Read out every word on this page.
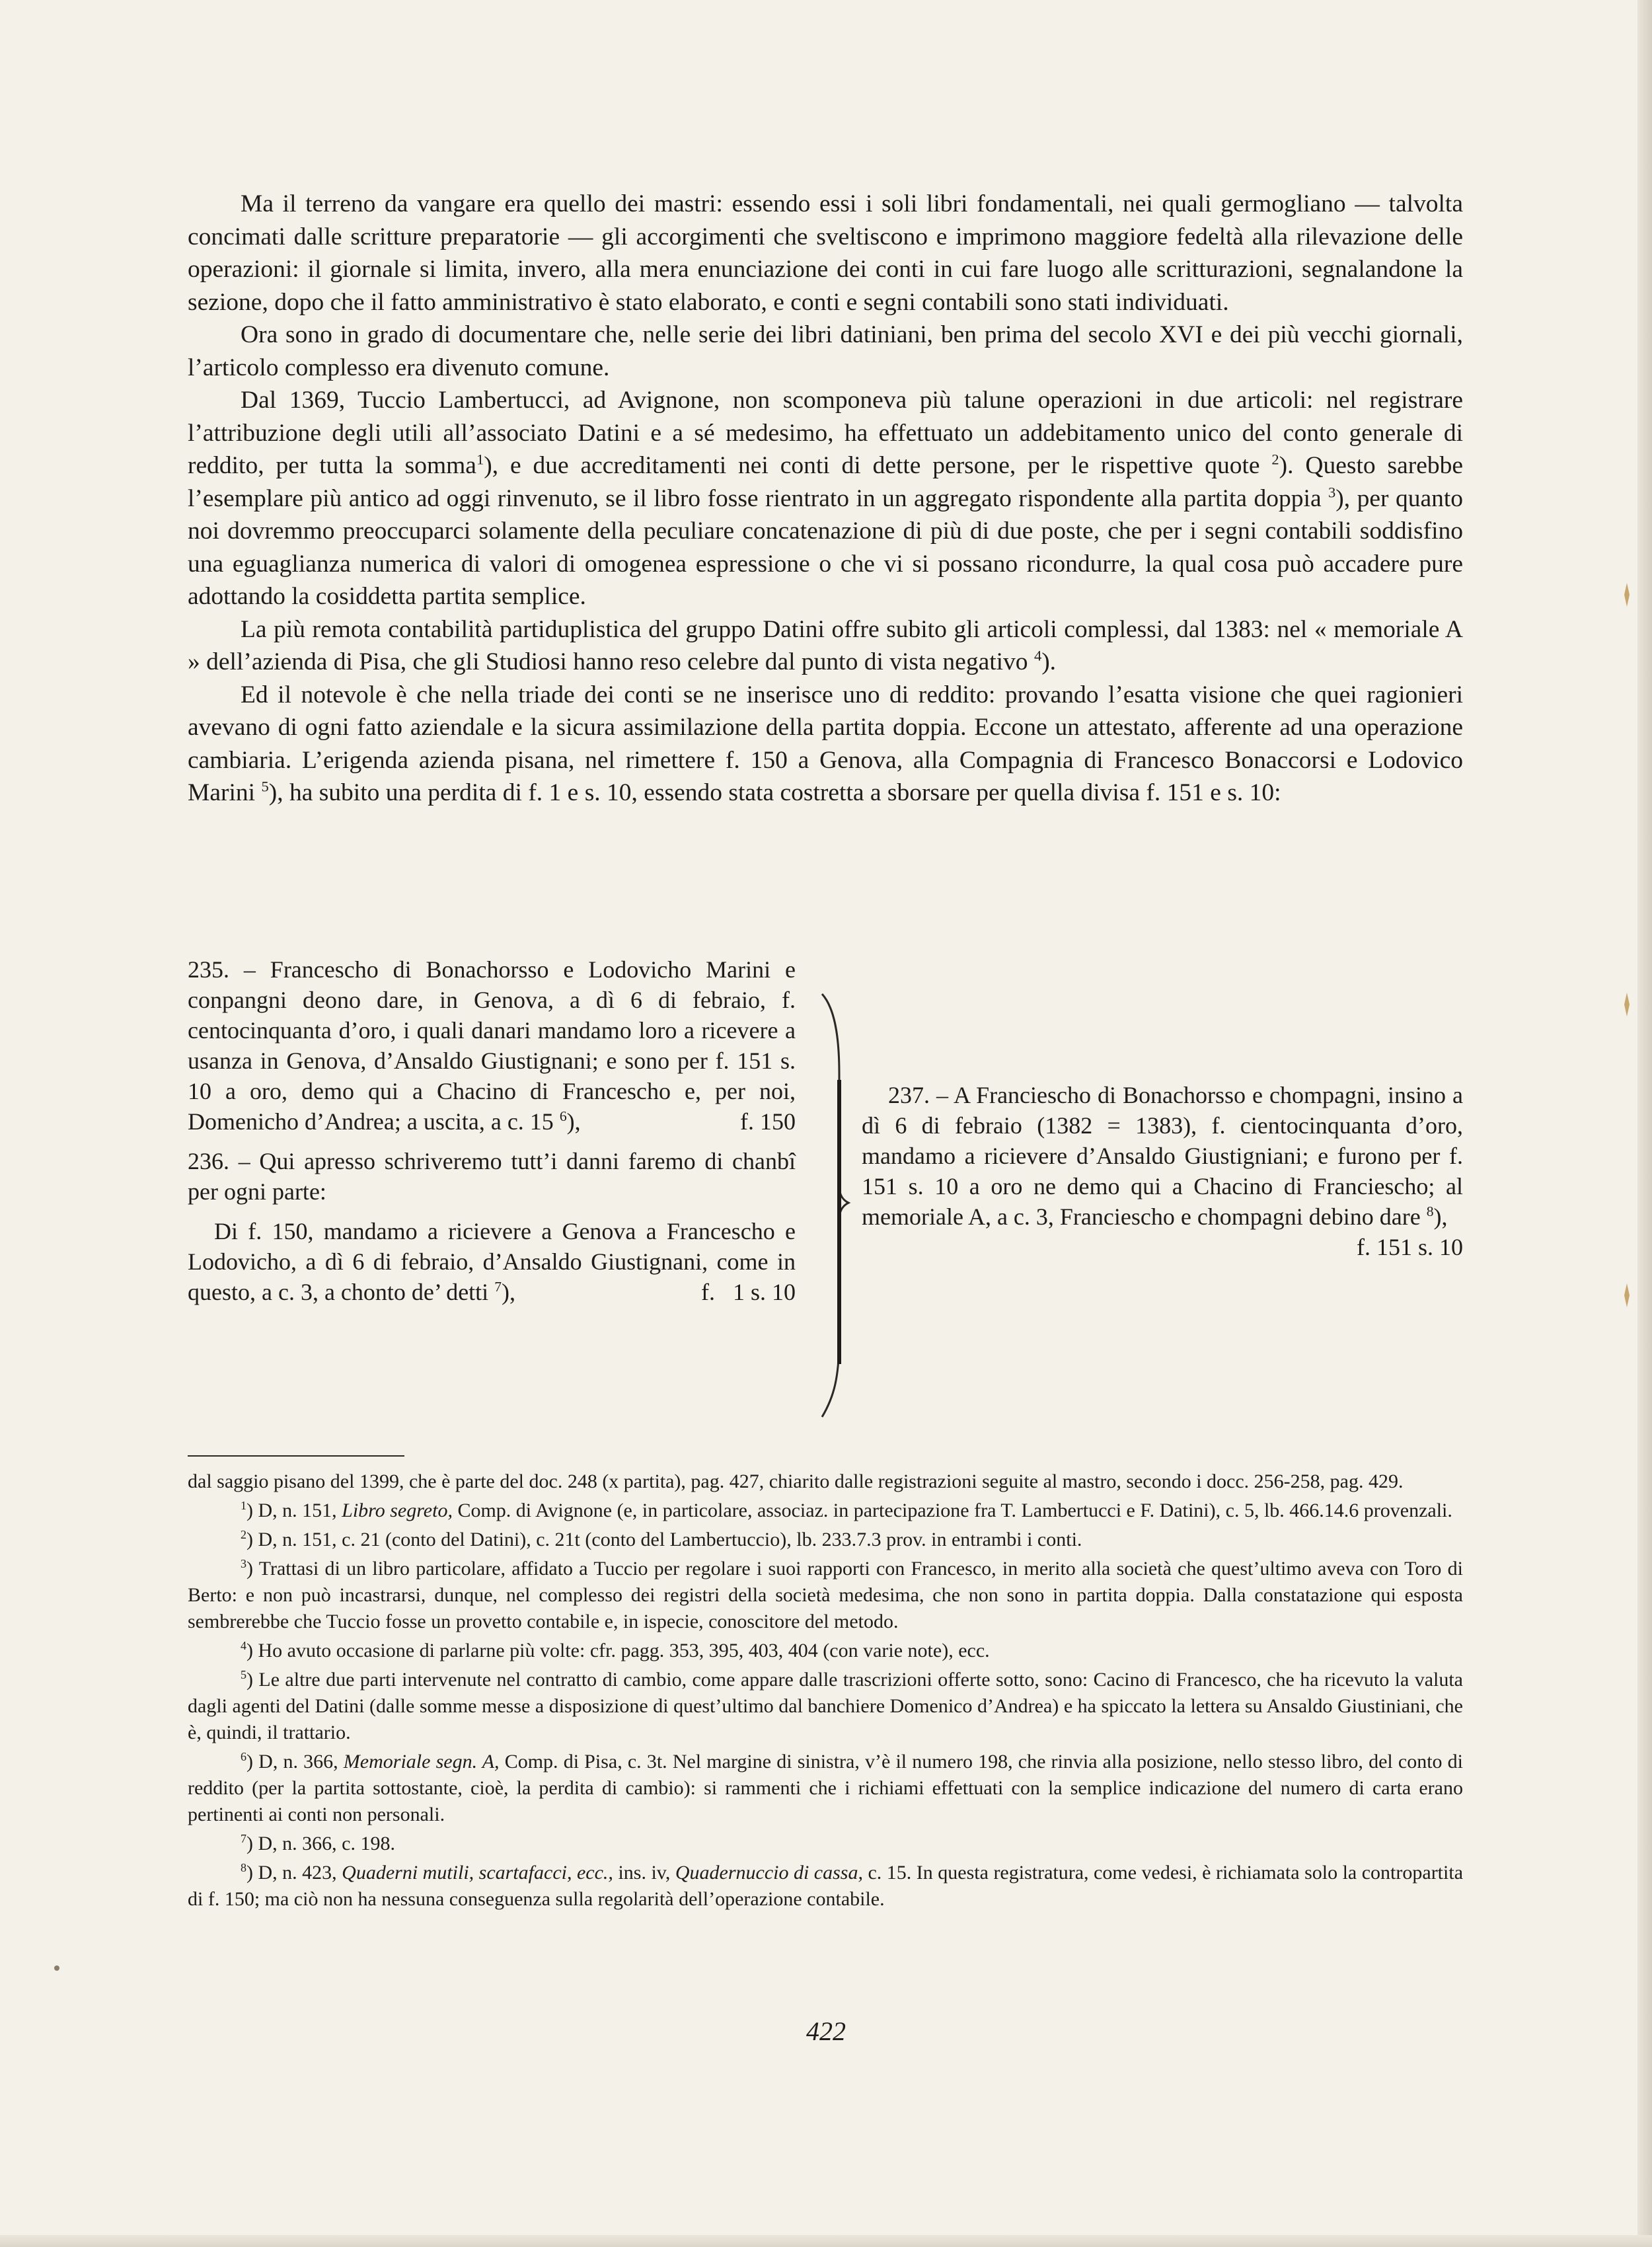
Ma il terreno da vangare era quello dei mastri: essendo essi i soli libri fondamentali, nei quali germogliano — talvolta concimati dalle scritture preparatorie — gli accorgimenti che sveltiscono e imprimono maggiore fedeltà alla rilevazione delle operazioni: il giornale si limita, invero, alla mera enunciazione dei conti in cui fare luogo alle scritturazioni, segnalandone la sezione, dopo che il fatto amministrativo è stato elaborato, e conti e segni contabili sono stati individuati.

Ora sono in grado di documentare che, nelle serie dei libri datiniani, ben prima del secolo XVI e dei più vecchi giornali, l’articolo complesso era divenuto comune.

Dal 1369, Tuccio Lambertucci, ad Avignone, non scomponeva più talune operazioni in due articoli: nel registrare l’attribuzione degli utili all’associato Datini e a sé medesimo, ha effettuato un addebitamento unico del conto generale di reddito, per tutta la somma$^1$), e due accreditamenti nei conti di dette persone, per le rispettive quote $^2$). Questo sarebbe l’esemplare più antico ad oggi rinvenuto, se il libro fosse rientrato in un aggregato rispondente alla partita doppia $^3$), per quanto noi dovremmo preoccuparci solamente della peculiare concatenazione di più di due poste, che per i segni contabili soddisfino una eguaglianza numerica di valori di omogenea espressione o che vi si possano ricondurre, la qual cosa può accadere pure adottando la cosiddetta partita semplice.

La più remota contabilità partiduplistica del gruppo Datini offre subito gli articoli complessi, dal 1383: nel « memoriale A » dell’azienda di Pisa, che gli Studiosi hanno reso celebre dal punto di vista negativo $^4$).

Ed il notevole è che nella triade dei conti se ne inserisce uno di reddito: provando l’esatta visione che quei ragionieri avevano di ogni fatto aziendale e la sicura assimilazione della partita doppia. Eccone un attestato, afferente ad una operazione cambiaria. L’erigenda azienda pisana, nel rimettere f. 150 a Genova, alla Compagnia di Francesco Bonaccorsi e Lodovico Marini $^5$), ha subito una perdita di f. 1 e s. 10, essendo stata costretta a sborsare per quella divisa f. 151 e s. 10:

235. – Francescho di Bonachorsso e Lodovicho Marini e conpangni deono dare, in Genova, a dì 6 di febraio, f. centocinquanta d’oro, i quali danari mandamo loro a ricevere a usanza in Genova, d’Ansaldo Giustignani; e sono per f. 151 s. 10 a oro, demo qui a Chacino di Francescho e, per noi, Domenicho d’Andrea; a uscita, a c. 15 $^6$),	f. 150

236. – Qui apresso schriveremo tutt’i danni faremo di chanbî per ogni parte:

Di f. 150, mandamo a ricievere a Genova a Francescho e Lodovicho, a dì 6 di febraio, d’Ansaldo Giustignani, come in questo, a c. 3, a chonto de’ detti $^7$),	f.   1 s. 10

237. – A Franciescho di Bonachorsso e chompagni, insino a dì 6 di febraio (1382 = 1383), f. cientocinquanta d’oro, mandamo a ricievere d’Ansaldo Giustigniani; e furono per f. 151 s. 10 a oro ne demo qui a Chacino di Franciescho; al memoriale A, a c. 3, Franciescho e chompagni debino dare $^8$),
f. 151 s. 10

dal saggio pisano del 1399, che è parte del doc. 248 (x partita), pag. 427, chiarito dalle registrazioni seguite al mastro, secondo i docc. 256-258, pag. 429.

$^1$) D, n. 151, Libro segreto, Comp. di Avignone (e, in particolare, associaz. in partecipazione fra T. Lambertucci e F. Datini), c. 5, lb. 466.14.6 provenzali.

$^2$) D, n. 151, c. 21 (conto del Datini), c. 21t (conto del Lambertuccio), lb. 233.7.3 prov. in entrambi i conti.

$^3$) Trattasi di un libro particolare, affidato a Tuccio per regolare i suoi rapporti con Francesco, in merito alla società che quest’ultimo aveva con Toro di Berto: e non può incastrarsi, dunque, nel complesso dei registri della società medesima, che non sono in partita doppia. Dalla constatazione qui esposta sembrerebbe che Tuccio fosse un provetto contabile e, in ispecie, conoscitore del metodo.

$^4$) Ho avuto occasione di parlarne più volte: cfr. pagg. 353, 395, 403, 404 (con varie note), ecc.

$^5$) Le altre due parti intervenute nel contratto di cambio, come appare dalle trascrizioni offerte sotto, sono: Cacino di Francesco, che ha ricevuto la valuta dagli agenti del Datini (dalle somme messe a disposizione di quest’ultimo dal banchiere Domenico d’Andrea) e ha spiccato la lettera su Ansaldo Giustiniani, che è, quindi, il trattario.

$^6$) D, n. 366, Memoriale segn. A, Comp. di Pisa, c. 3t. Nel margine di sinistra, v’è il numero 198, che rinvia alla posizione, nello stesso libro, del conto di reddito (per la partita sottostante, cioè, la perdita di cambio): si rammenti che i richiami effettuati con la semplice indicazione del numero di carta erano pertinenti ai conti non personali.

$^7$) D, n. 366, c. 198.

$^8$) D, n. 423, Quaderni mutili, scartafacci, ecc., ins. iv, Quadernuccio di cassa, c. 15. In questa registratura, come vedesi, è richiamata solo la contropartita di f. 150; ma ciò non ha nessuna conseguenza sulla regolarità dell’operazione contabile.

422
